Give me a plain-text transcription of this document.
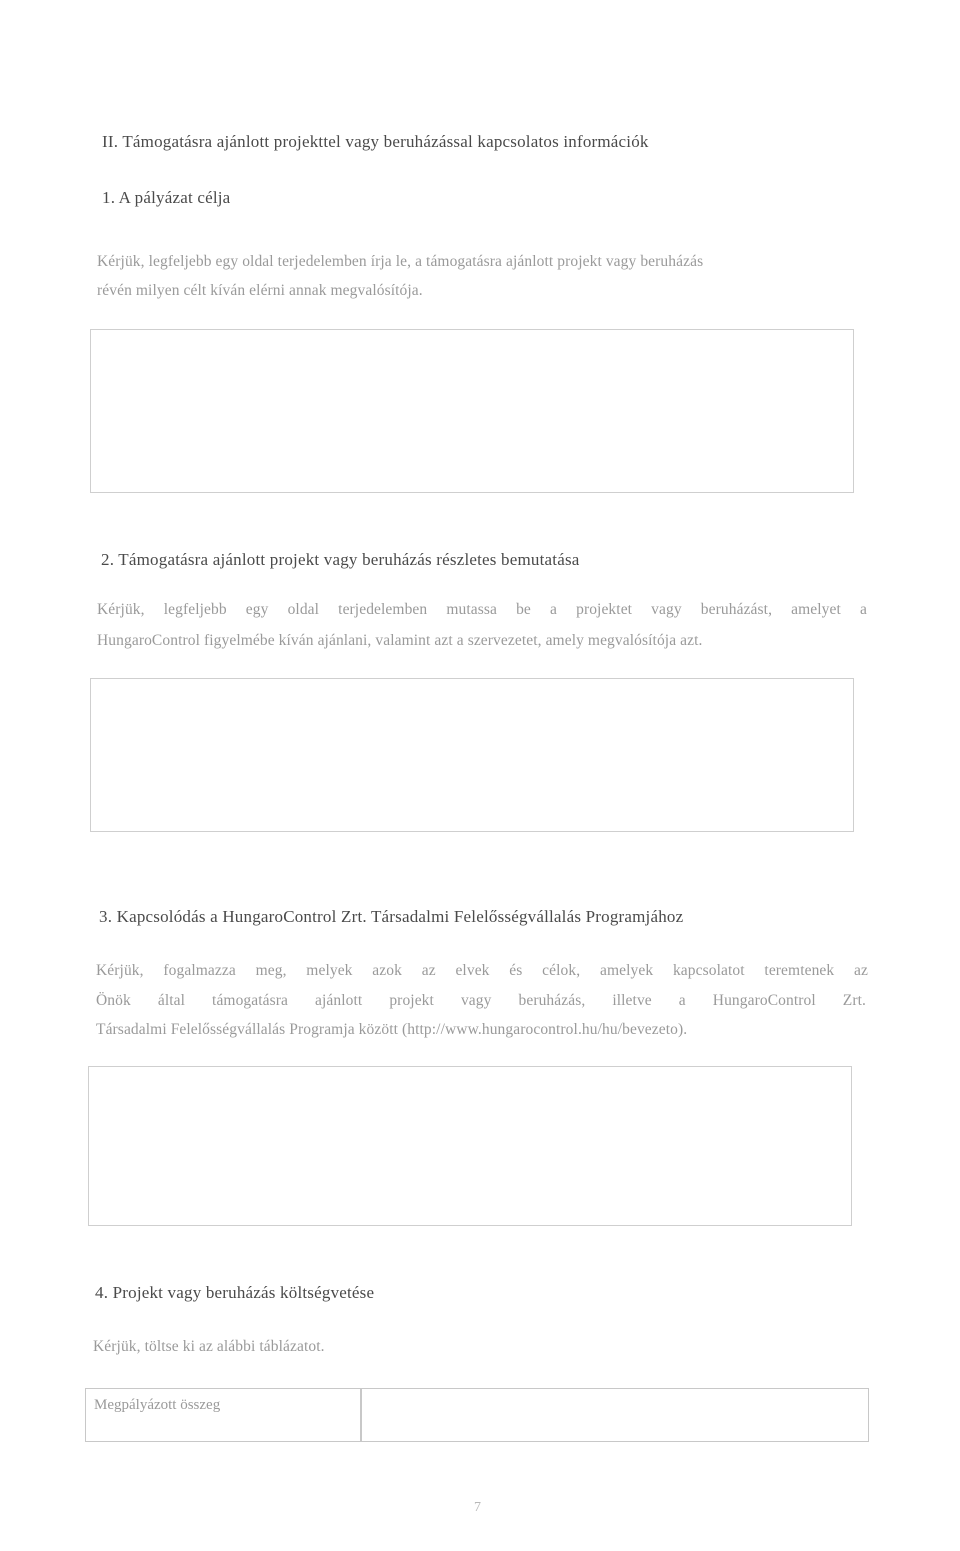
II. Támogatásra ajánlott projekttel vagy beruházással kapcsolatos információk
1. A pályázat célja
Kérjük, legfeljebb egy oldal terjedelemben írja le, a támogatásra ajánlott projekt vagy beruházás
révén milyen célt kíván elérni annak megvalósítója.
2. Támogatásra ajánlott projekt vagy beruházás részletes bemutatása
Kérjük, legfeljebb egy oldal terjedelemben mutassa be a projektet vagy beruházást, amelyet a
HungaroControl figyelmébe kíván ajánlani, valamint azt a szervezetet, amely megvalósítója azt.
3. Kapcsolódás a HungaroControl Zrt. Társadalmi Felelősségvállalás Programjához
Kérjük, fogalmazza meg, melyek azok az elvek és célok, amelyek kapcsolatot teremtenek az
Önök által támogatásra ajánlott projekt vagy beruházás, illetve a HungaroControl Zrt.
Társadalmi Felelősségvállalás Programja között (http://www.hungarocontrol.hu/hu/bevezeto).
4. Projekt vagy beruházás költségvetése
Kérjük, töltse ki az alábbi táblázatot.
Megpályázott összeg
7
